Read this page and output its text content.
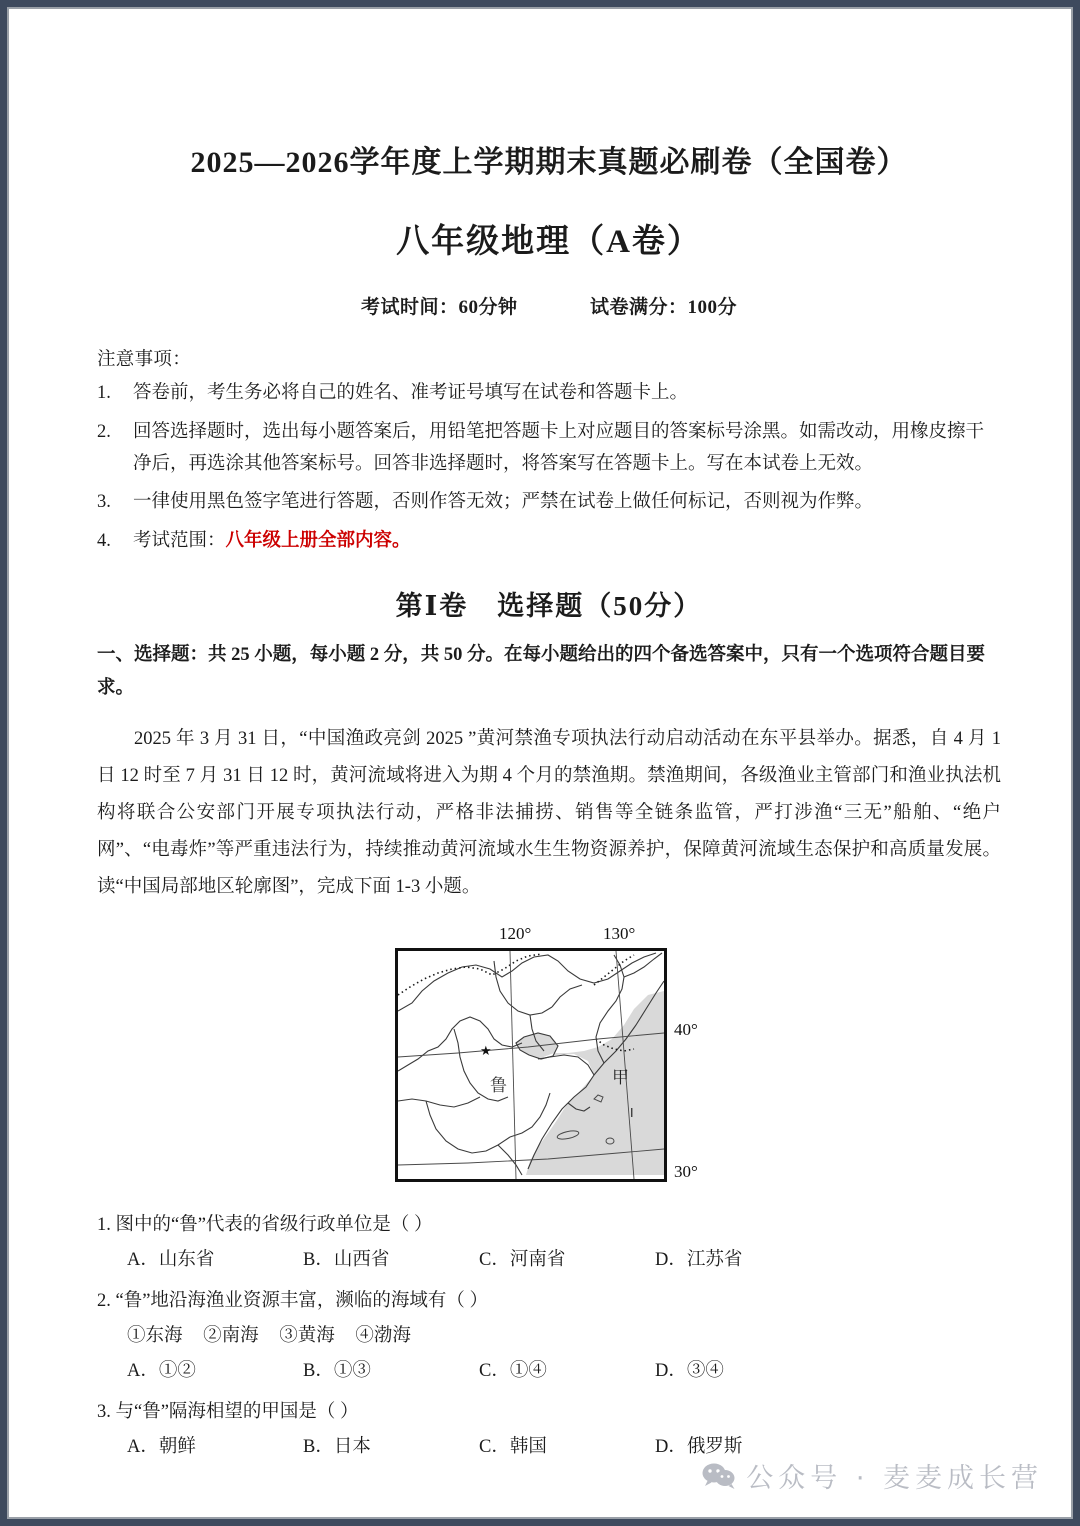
2025—2026学年度上学期期末真题必刷卷（全国卷）
八年级地理（A卷）
考试时间：60分钟	试卷满分：100分
注意事项：
1.	答卷前，考生务必将自己的姓名、准考证号填写在试卷和答题卡上。
2.	回答选择题时，选出每小题答案后，用铅笔把答题卡上对应题目的答案标号涂黑。如需改动，用橡皮擦干净后，再选涂其他答案标号。回答非选择题时，将答案写在答题卡上。写在本试卷上无效。
3.	一律使用黑色签字笔进行答题，否则作答无效；严禁在试卷上做任何标记，否则视为作弊。
4.	考试范围：八年级上册全部内容。
第Ⅰ卷　选择题（50分）
一、选择题：共 25 小题，每小题 2 分，共 50 分。在每小题给出的四个备选答案中，只有一个选项符合题目要求。
2025 年 3 月 31 日，“中国渔政亮剑 2025 ”黄河禁渔专项执法行动启动活动在东平县举办。据悉，自 4 月 1 日 12 时至 7 月 31 日 12 时，黄河流域将进入为期 4 个月的禁渔期。禁渔期间，各级渔业主管部门和渔业执法机构将联合公安部门开展专项执法行动，严格非法捕捞、销售等全链条监管，严打涉渔“三无”船舶、“绝户网”、“电毒炸”等严重违法行为，持续推动黄河流域水生生物资源养护，保障黄河流域生态保护和高质量发展。读“中国局部地区轮廓图”，完成下面 1-3 小题。
120°	130°
40°
30°
★
鲁	甲
Ⅰ
1. 图中的“鲁”代表的省级行政单位是（ ）
A．山东省	B．山西省	C．河南省	D．江苏省
2. “鲁”地沿海渔业资源丰富，濒临的海域有（ ）
①东海 ②南海 ③黄海 ④渤海
A．①②	B．①③	C．①④	D．③④
3. 与“鲁”隔海相望的甲国是（ ）
A．朝鲜	B．日本	C．韩国	D．俄罗斯
公众号 · 麦麦成长营
